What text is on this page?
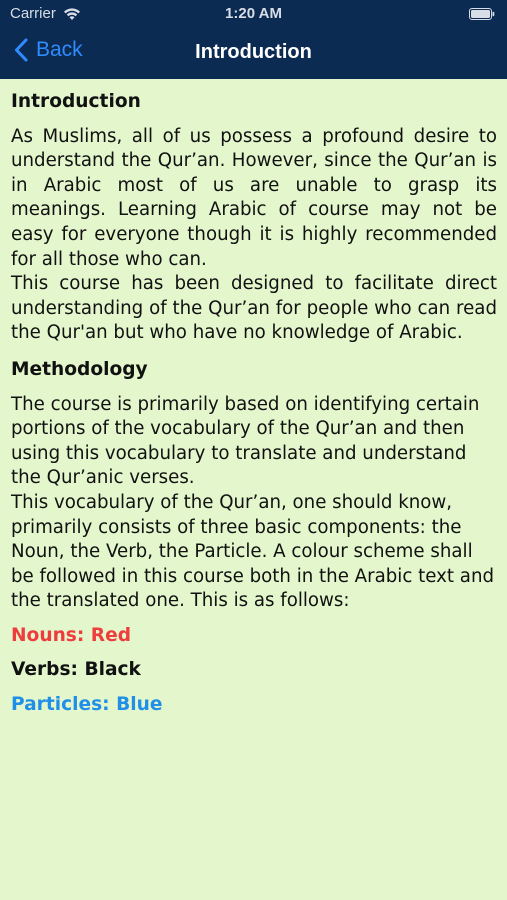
Carrier	1:20 AM
Back	Introduction
Introduction

As Muslims, all of us possess a profound desire to understand the Qur’an. However, since the Qur’an is in Arabic most of us are unable to grasp its meanings. Learning Arabic of course may not be easy for everyone though it is highly recommended for all those who can.

This course has been designed to facilitate direct understanding of the Qur’an for people who can read the Qur'an but who have no knowledge of Arabic.

Methodology

The course is primarily based on identifying certain portions of the vocabulary of the Qur’an and then using this vocabulary to translate and understand the Qur’anic verses.

This vocabulary of the Qur’an, one should know, primarily consists of three basic components: the Noun, the Verb, the Particle. A colour scheme shall be followed in this course both in the Arabic text and the translated one. This is as follows:

Nouns: Red
Verbs: Black
Particles: Blue
